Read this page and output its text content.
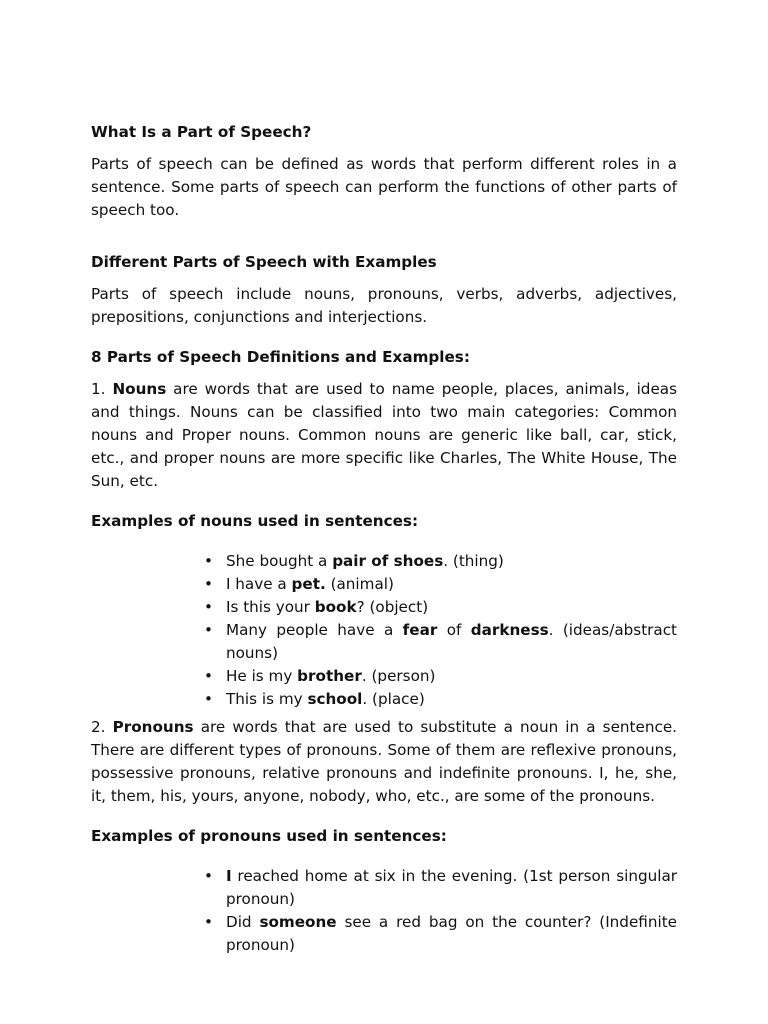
What Is a Part of Speech?

Parts of speech can be defined as words that perform different roles in a sentence. Some parts of speech can perform the functions of other parts of speech too.

Different Parts of Speech with Examples

Parts of speech include nouns, pronouns, verbs, adverbs, adjectives, prepositions, conjunctions and interjections.

8 Parts of Speech Definitions and Examples:

1. Nouns are words that are used to name people, places, animals, ideas and things. Nouns can be classified into two main categories: Common nouns and Proper nouns. Common nouns are generic like ball, car, stick, etc., and proper nouns are more specific like Charles, The White House, The Sun, etc.

Examples of nouns used in sentences:

• She bought a pair of shoes. (thing)
• I have a pet. (animal)
• Is this your book? (object)
• Many people have a fear of darkness. (ideas/abstract nouns)
• He is my brother. (person)
• This is my school. (place)

2. Pronouns are words that are used to substitute a noun in a sentence. There are different types of pronouns. Some of them are reflexive pronouns, possessive pronouns, relative pronouns and indefinite pronouns. I, he, she, it, them, his, yours, anyone, nobody, who, etc., are some of the pronouns.

Examples of pronouns used in sentences:

• I reached home at six in the evening. (1st person singular pronoun)
• Did someone see a red bag on the counter? (Indefinite pronoun)
